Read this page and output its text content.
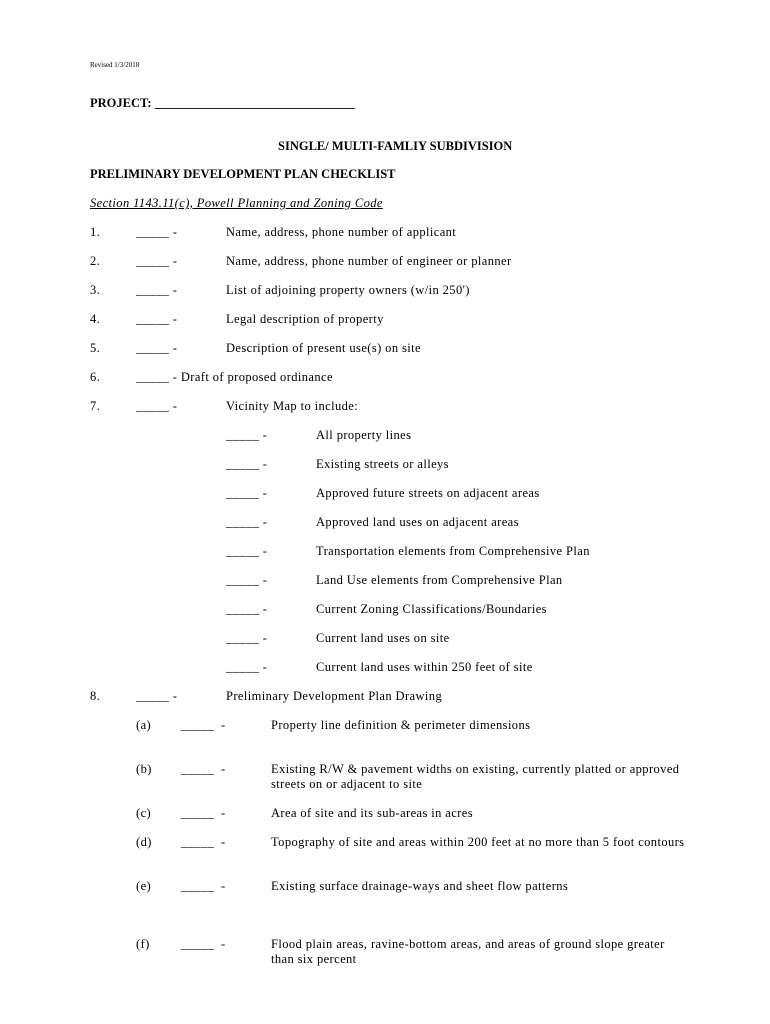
Revised 1/3/2018
PROJECT: ________________________________
SINGLE/ MULTI-FAMLIY SUBDIVISION
PRELIMINARY DEVELOPMENT PLAN CHECKLIST
Section 1143.11(c), Powell Planning and Zoning Code
1.	_____ -	Name, address, phone number of applicant
2.	_____ -	Name, address, phone number of engineer or planner
3.	_____ -	List of adjoining property owners (w/in 250')
4.	_____ -	Legal description of property
5.	_____ -	Description of present use(s) on site
6.	_____ - Draft of proposed ordinance
7.	_____ -	Vicinity Map to include:
_____ -	All property lines
_____ -	Existing streets or alleys
_____ -	Approved future streets on adjacent areas
_____ -	Approved land uses on adjacent areas
_____ -	Transportation elements from Comprehensive Plan
_____ -	Land Use elements from Comprehensive Plan
_____ -	Current Zoning Classifications/Boundaries
_____ -	Current land uses on site
_____ -	Current land uses within 250 feet of site
8.	_____ -	Preliminary Development Plan Drawing
(a) _____ -	Property line definition & perimeter dimensions
(b) _____ -	Existing R/W & pavement widths on existing, currently platted or approved streets on or adjacent to site
(c) _____ -	Area of site and its sub-areas in acres
(d) _____ -	Topography of site and areas within 200 feet at no more than 5 foot contours
(e) _____ -	Existing surface drainage-ways and sheet flow patterns
(f)	_____ -	Flood plain areas, ravine-bottom areas, and areas of ground slope greater than six percent
